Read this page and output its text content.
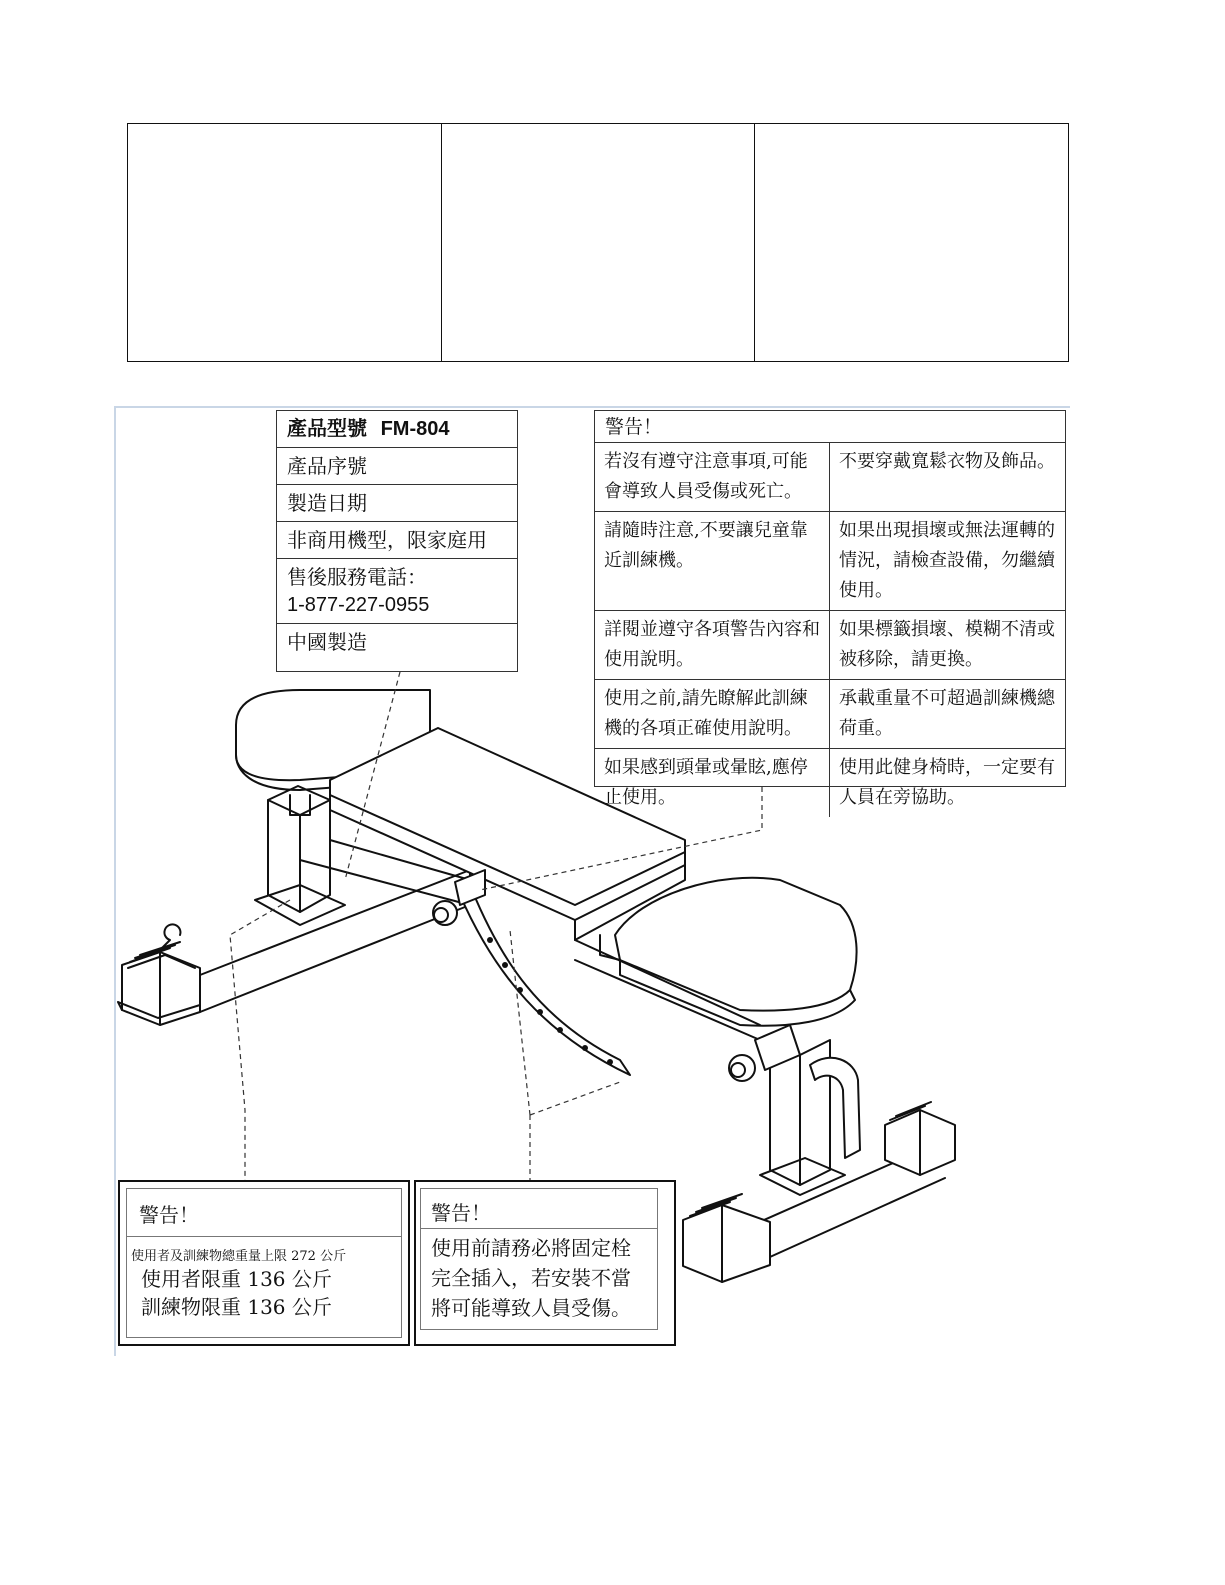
產品型號 FM-804
產品序號
製造日期
非商用機型，限家庭用
售後服務電話：
1-877-227-0955
中國製造
警告！
若沒有遵守注意事項,可能會導致人員受傷或死亡。
不要穿戴寬鬆衣物及飾品。
請隨時注意,不要讓兒童靠近訓練機。
如果出現損壞或無法運轉的情況，請檢查設備，勿繼續使用。
詳閱並遵守各項警告內容和使用說明。
如果標籤損壞、模糊不清或被移除，請更換。
使用之前,請先瞭解此訓練機的各項正確使用說明。
承載重量不可超過訓練機總荷重。
如果感到頭暈或暈眩,應停止使用。
使用此健身椅時，一定要有人員在旁協助。
警告！
使用者及訓練物總重量上限 272 公斤
使用者限重 136 公斤
訓練物限重 136 公斤
警告！
使用前請務必將固定栓完全插入，若安裝不當將可能導致人員受傷。
